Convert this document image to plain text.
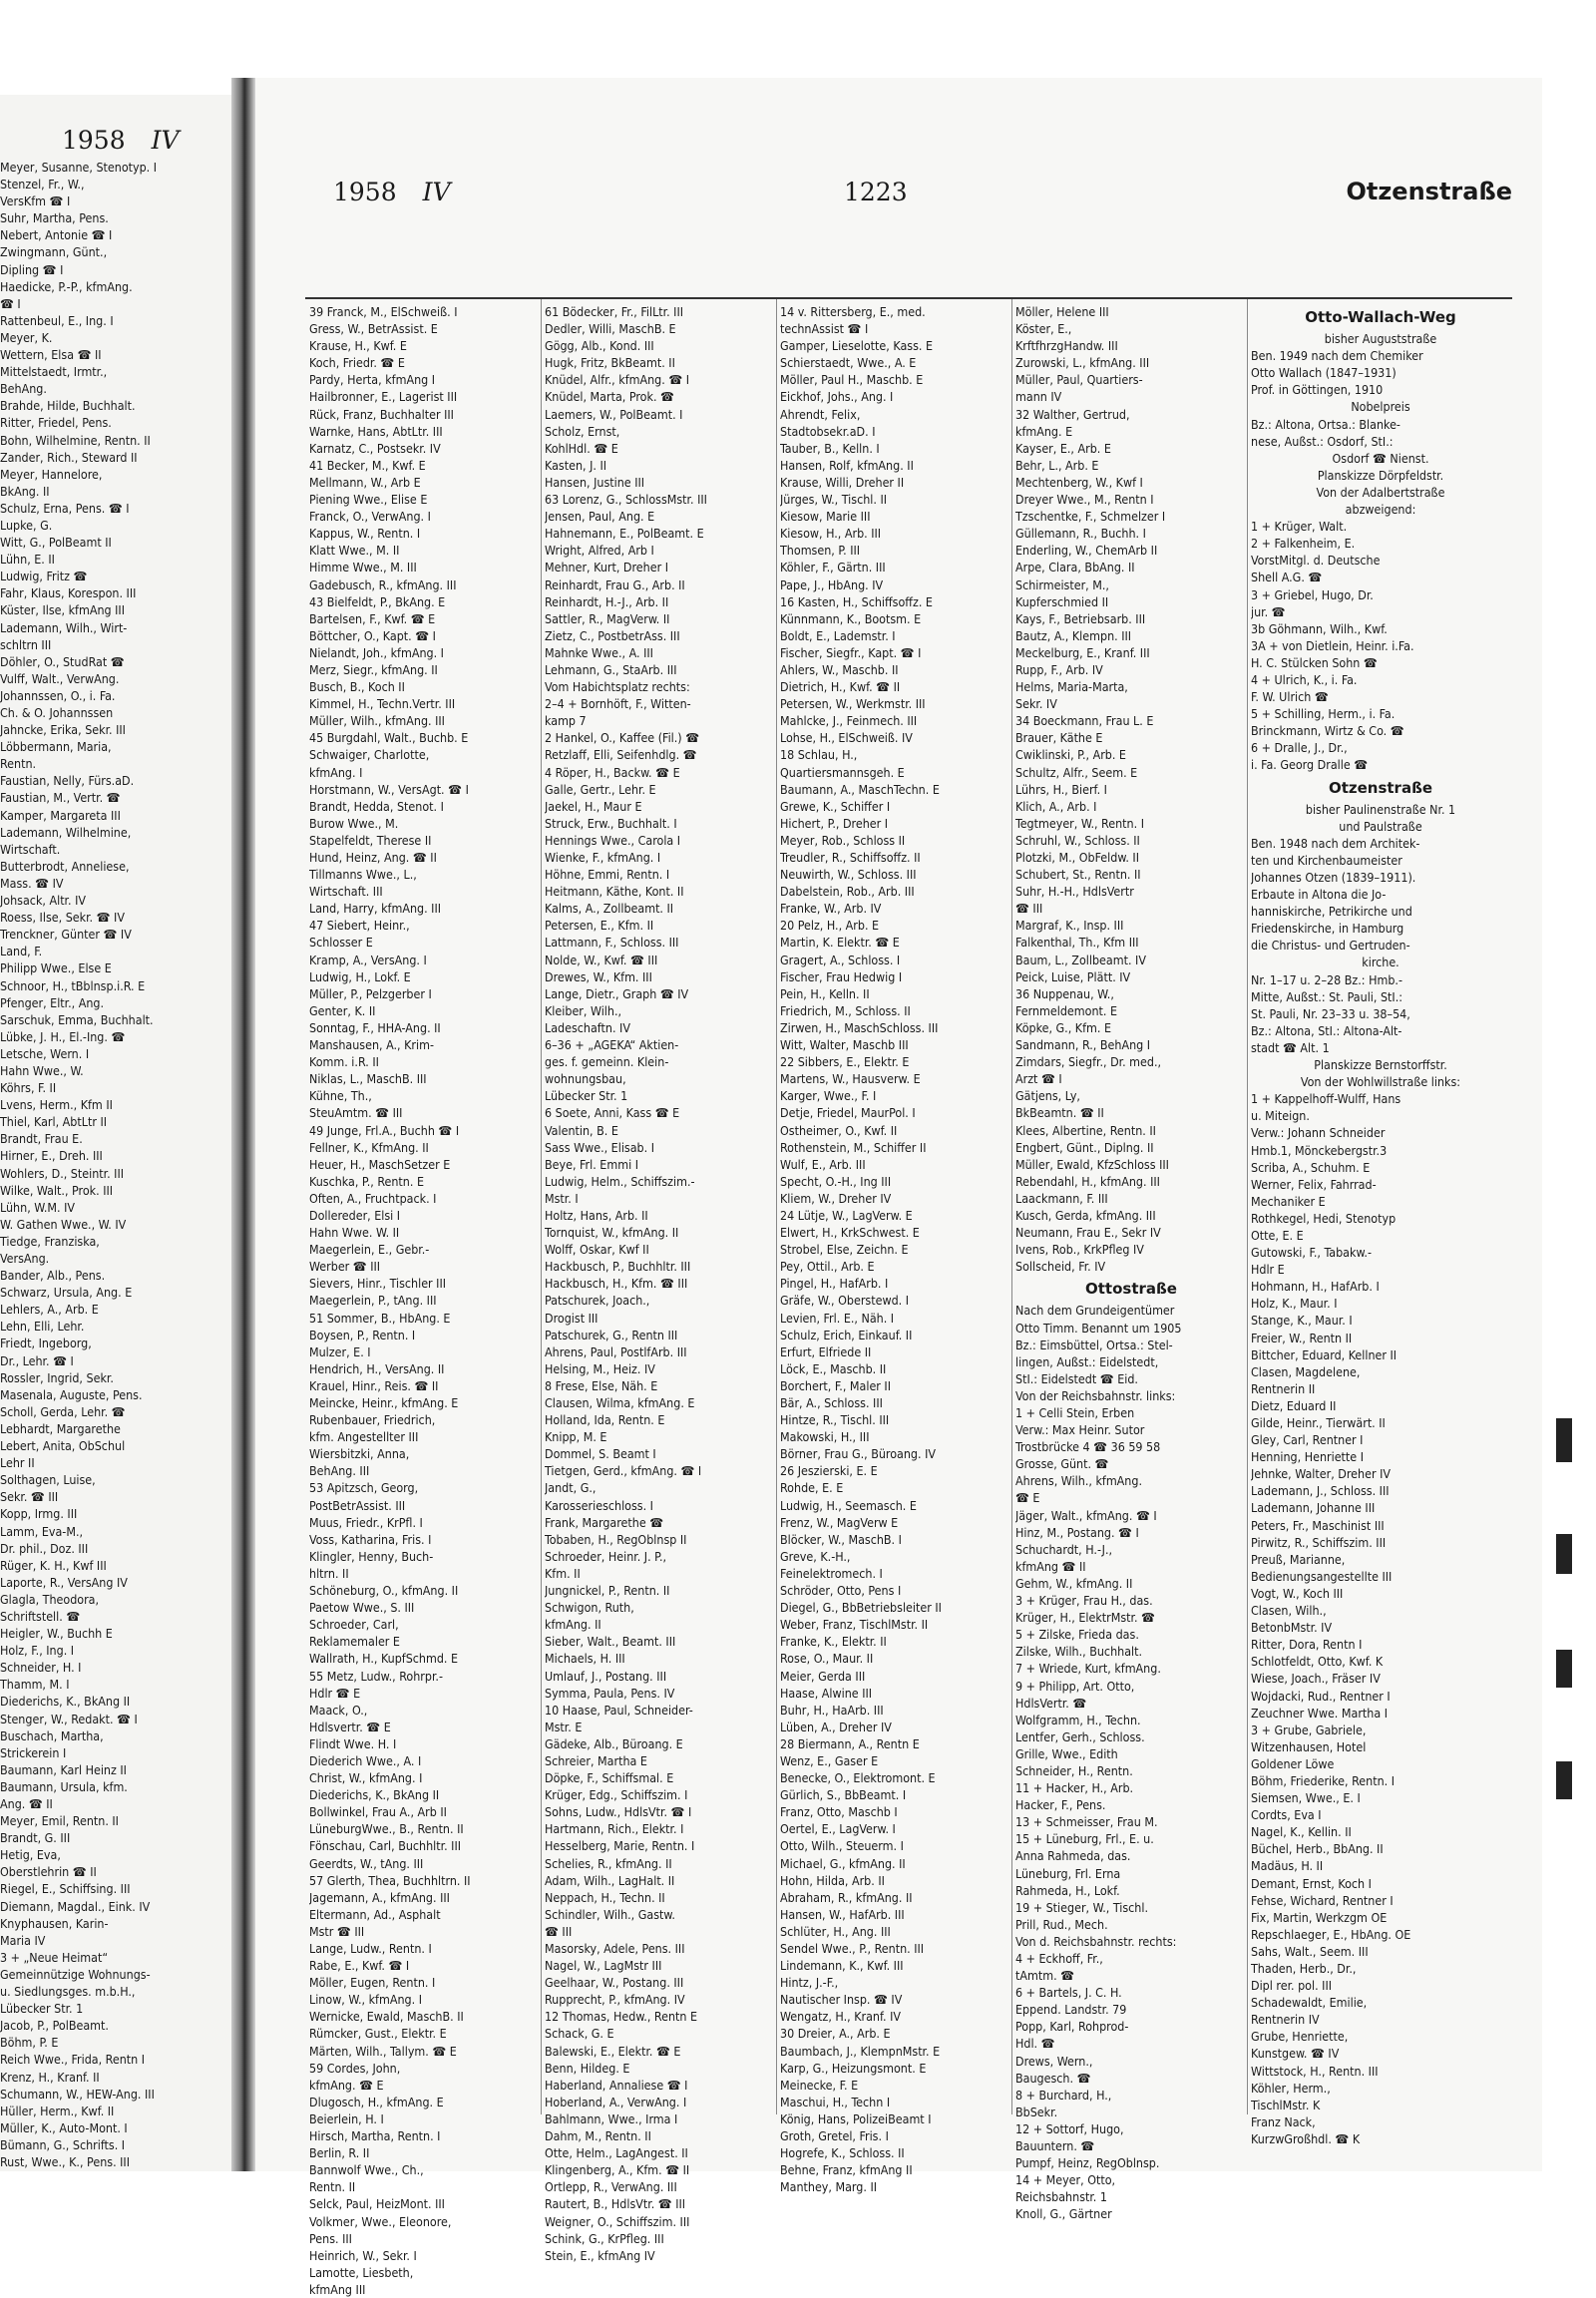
1958 IV
Meyer, Susanne, Stenotyp. I
Stenzel, Fr., W.,
VersKfm ☎ I
Suhr, Martha, Pens.
Nebert, Antonie ☎ I
Zwingmann, Günt.,
Dipling ☎ I
Haedicke, P.-P., kfmAng.
☎ I
Rattenbeul, E., Ing. I
Meyer, K.
Wettern, Elsa ☎ II
Mittelstaedt, Irmtr.,
BehAng.
Brahde, Hilde, Buchhalt.
Ritter, Friedel, Pens.
Bohn, Wilhelmine, Rentn. II
Zander, Rich., Steward II
Meyer, Hannelore,
BkAng. II
Schulz, Erna, Pens. ☎ I
Lupke, G.
Witt, G., PolBeamt II
Lühn, E. II
Ludwig, Fritz ☎
Fahr, Klaus, Korespon. III
Küster, Ilse, kfmAng III
Lademann, Wilh., Wirt-
schltrn III
Döhler, O., StudRat ☎
Vulff, Walt., VerwAng.
Johannssen, O., i. Fa.
Ch. & O. Johannssen
Jahncke, Erika, Sekr. III
Löbbermann, Maria,
Rentn.
Faustian, Nelly, Fürs.aD.
Faustian, M., Vertr. ☎
Kamper, Margareta III
Lademann, Wilhelmine,
Wirtschaft.
Butterbrodt, Anneliese,
Mass. ☎ IV
Johsack, Altr. IV
Roess, Ilse, Sekr. ☎ IV
Trenckner, Günter ☎ IV
Land, F.
Philipp Wwe., Else E
Schnoor, H., tBblnsp.i.R. E
Pfenger, Eltr., Ang.
Sarschuk, Emma, Buchhalt.
Lübke, J. H., El.-Ing. ☎
Letsche, Wern. I
Hahn Wwe., W.
Köhrs, F. II
Lvens, Herm., Kfm II
Thiel, Karl, AbtLtr II
Brandt, Frau E.
Hirner, E., Dreh. III
Wohlers, D., Steintr. III
Wilke, Walt., Prok. III
Lühn, W.M. IV
W. Gathen Wwe., W. IV
Tiedge, Franziska,
VersAng.
Bander, Alb., Pens.
Schwarz, Ursula, Ang. E
Lehlers, A., Arb. E
Lehn, Elli, Lehr.
Friedt, Ingeborg,
Dr., Lehr. ☎ I
Rossler, Ingrid, Sekr.
Masenala, Auguste, Pens.
Scholl, Gerda, Lehr. ☎
Lebhardt, Margarethe
Lebert, Anita, ObSchul
Lehr II
Solthagen, Luise,
Sekr. ☎ III
Kopp, Irmg. III
Lamm, Eva-M.,
Dr. phil., Doz. III
Rüger, K. H., Kwf III
Laporte, R., VersAng IV
Glagla, Theodora,
Schriftstell. ☎
Heigler, W., Buchh E
Holz, F., Ing. I
Schneider, H. I
Thamm, M. I
Diederichs, K., BkAng II
Stenger, W., Redakt. ☎ I
Buschach, Martha,
Strickerein I
Baumann, Karl Heinz II
Baumann, Ursula, kfm.
Ang. ☎ II
Meyer, Emil, Rentn. II
Brandt, G. III
Hetig, Eva,
Oberstlehrin ☎ II
Riegel, E., Schiffsing. III
Diemann, Magdal., Eink. IV
Knyphausen, Karin-
Maria IV
3 + „Neue Heimat“
Gemeinnützige Wohnungs-
u. Siedlungsges. m.b.H.,
Lübecker Str. 1
Jacob, P., PolBeamt.
Böhm, P. E
Reich Wwe., Frida, Rentn I
Krenz, H., Kranf. II
Schumann, W., HEW-Ang. III
Hüller, Herm., Kwf. II
Müller, K., Auto-Mont. I
Bümann, G., Schrifts. I
Rust, Wwe., K., Pens. III
1958 IV	1223	Otzenstraße
39 Franck, M., ElSchweiß. I
Gress, W., BetrAssist. E
Krause, H., Kwf. E
Koch, Friedr. ☎ E
Pardy, Herta, kfmAng I
Hailbronner, E., Lagerist III
Rück, Franz, Buchhalter III
Warnke, Hans, AbtLtr. III
Karnatz, C., Postsekr. IV
41 Becker, M., Kwf. E
Mellmann, W., Arb E
Piening Wwe., Elise E
Franck, O., VerwAng. I
Kappus, W., Rentn. I
Klatt Wwe., M. II
Himme Wwe., M. III
Gadebusch, R., kfmAng. III
43 Bielfeldt, P., BkAng. E
Bartelsen, F., Kwf. ☎ E
Böttcher, O., Kapt. ☎ I
Nielandt, Joh., kfmAng. I
Merz, Siegr., kfmAng. II
Busch, B., Koch II
Kimmel, H., Techn.Vertr. III
Müller, Wilh., kfmAng. III
45 Burgdahl, Walt., Buchb. E
Schwaiger, Charlotte,
kfmAng. I
Horstmann, W., VersAgt. ☎ I
Brandt, Hedda, Stenot. I
Burow Wwe., M.
Stapelfeldt, Therese II
Hund, Heinz, Ang. ☎ II
Tillmanns Wwe., L.,
Wirtschaft. III
Land, Harry, kfmAng. III
47 Siebert, Heinr.,
Schlosser E
Kramp, A., VersAng. I
Ludwig, H., Lokf. E
Müller, P., Pelzgerber I
Genter, K. II
Sonntag, F., HHA-Ang. II
Manshausen, A., Krim-
Komm. i.R. II
Niklas, L., MaschB. III
Kühne, Th.,
SteuAmtm. ☎ III
49 Junge, Frl.A., Buchh ☎ I
Fellner, K., KfmAng. II
Heuer, H., MaschSetzer E
Kuschka, P., Rentn. E
Often, A., Fruchtpack. I
Dollereder, Elsi I
Hahn Wwe. W. II
Maegerlein, E., Gebr.-
Werber ☎ III
Sievers, Hinr., Tischler III
Maegerlein, P., tAng. III
51 Sommer, B., HbAng. E
Boysen, P., Rentn. I
Mulzer, E. I
Hendrich, H., VersAng. II
Krauel, Hinr., Reis. ☎ II
Meincke, Heinr., kfmAng. E
Rubenbauer, Friedrich,
kfm. Angestellter III
Wiersbitzki, Anna,
BehAng. III
53 Apitzsch, Georg,
PostBetrAssist. III
Muus, Friedr., KrPfl. I
Voss, Katharina, Fris. I
Klingler, Henny, Buch-
hltrn. II
Schöneburg, O., kfmAng. II
Paetow Wwe., S. III
Schroeder, Carl,
Reklamemaler E
Wallrath, H., KupfSchmd. E
55 Metz, Ludw., Rohrpr.-
Hdlr ☎ E
Maack, O.,
Hdlsvertr. ☎ E
Flindt Wwe. H. I
Diederich Wwe., A. I
Christ, W., kfmAng. I
Diederichs, K., BkAng II
Bollwinkel, Frau A., Arb II
LüneburgWwe., B., Rentn. II
Fönschau, Carl, Buchhltr. III
Geerdts, W., tAng. III
57 Glerth, Thea, Buchhltrn. II
Jagemann, A., kfmAng. III
Eltermann, Ad., Asphalt
Mstr ☎ III
Lange, Ludw., Rentn. I
Rabe, E., Kwf. ☎ I
Möller, Eugen, Rentn. I
Linow, W., kfmAng. I
Wernicke, Ewald, MaschB. II
Rümcker, Gust., Elektr. E
Märten, Wilh., Tallym. ☎ E
59 Cordes, John,
kfmAng. ☎ E
Dlugosch, H., kfmAng. E
Beierlein, H. I
Hirsch, Martha, Rentn. I
Berlin, R. II
Bannwolf Wwe., Ch.,
Rentn. II
Selck, Paul, HeizMont. III
Volkmer, Wwe., Eleonore,
Pens. III
Heinrich, W., Sekr. I
Lamotte, Liesbeth,
kfmAng III
61 Bödecker, Fr., FilLtr. III
Dedler, Willi, MaschB. E
Gögg, Alb., Kond. III
Hugk, Fritz, BkBeamt. II
Knüdel, Alfr., kfmAng. ☎ I
Knüdel, Marta, Prok. ☎
Laemers, W., PolBeamt. I
Scholz, Ernst,
KohlHdl. ☎ E
Kasten, J. II
Hansen, Justine III
63 Lorenz, G., SchlossMstr. III
Jensen, Paul, Ang. E
Hahnemann, E., PolBeamt. E
Wright, Alfred, Arb I
Mehner, Kurt, Dreher I
Reinhardt, Frau G., Arb. II
Reinhardt, H.-J., Arb. II
Sattler, R., MagVerw. II
Zietz, C., PostbetrAss. III
Mahnke Wwe., A. III
Lehmann, G., StaArb. III
Vom Habichtsplatz rechts:
2–4 + Bornhöft, F., Witten-
kamp 7
2 Hankel, O., Kaffee (Fil.) ☎
Retzlaff, Elli, Seifenhdlg. ☎
4 Röper, H., Backw. ☎ E
Galle, Gertr., Lehr. E
Jaekel, H., Maur E
Struck, Erw., Buchhalt. I
Hennings Wwe., Carola I
Wienke, F., kfmAng. I
Höhne, Emmi, Rentn. I
Heitmann, Käthe, Kont. II
Kalms, A., Zollbeamt. II
Petersen, E., Kfm. II
Lattmann, F., Schloss. III
Nolde, W., Kwf. ☎ III
Drewes, W., Kfm. III
Lange, Dietr., Graph ☎ IV
Kleiber, Wilh.,
Ladeschaftn. IV
6–36 + „AGEKA“ Aktien-
ges. f. gemeinn. Klein-
wohnungsbau,
Lübecker Str. 1
6 Soete, Anni, Kass ☎ E
Valentin, B. E
Sass Wwe., Elisab. I
Beye, Frl. Emmi I
Ludwig, Helm., Schiffszim.-
Mstr. I
Holtz, Hans, Arb. II
Tornquist, W., kfmAng. II
Wolff, Oskar, Kwf II
Hackbusch, P., Buchhltr. III
Hackbusch, H., Kfm. ☎ III
Patschurek, Joach.,
Drogist III
Patschurek, G., Rentn III
Ahrens, Paul, PostlfArb. III
Helsing, M., Heiz. IV
8 Frese, Else, Näh. E
Clausen, Wilma, kfmAng. E
Holland, Ida, Rentn. E
Knipp, M. E
Dommel, S. Beamt I
Tietgen, Gerd., kfmAng. ☎ I
Jandt, G.,
Karosserieschloss. I
Frank, Margarethe ☎
Tobaben, H., RegOblnsp II
Schroeder, Heinr. J. P.,
Kfm. II
Jungnickel, P., Rentn. II
Schwigon, Ruth,
kfmAng. II
Sieber, Walt., Beamt. III
Michaels, H. III
Umlauf, J., Postang. III
Symma, Paula, Pens. IV
10 Haase, Paul, Schneider-
Mstr. E
Gädeke, Alb., Büroang. E
Schreier, Martha E
Döpke, F., Schiffsmal. E
Krüger, Edg., Schiffszim. I
Sohns, Ludw., HdlsVtr. ☎ I
Hartmann, Rich., Elektr. I
Hesselberg, Marie, Rentn. I
Schelies, R., kfmAng. II
Adam, Wilh., LagHalt. II
Neppach, H., Techn. II
Schindler, Wilh., Gastw.
☎ III
Masorsky, Adele, Pens. III
Nagel, W., LagMstr III
Geelhaar, W., Postang. III
Rupprecht, P., kfmAng. IV
12 Thomas, Hedw., Rentn E
Schack, G. E
Balewski, E., Elektr. ☎ E
Benn, Hildeg. E
Haberland, Annaliese ☎ I
Hoberland, A., VerwAng. I
Bahlmann, Wwe., Irma I
Dahm, M., Rentn. II
Otte, Helm., LagAngest. II
Klingenberg, A., Kfm. ☎ II
Ortlepp, R., VerwAng. III
Rautert, B., HdlsVtr. ☎ III
Weigner, O., Schiffszim. III
Schink, G., KrPfleg. III
Stein, E., kfmAng IV
14 v. Rittersberg, E., med.
technAssist ☎ I
Gamper, Lieselotte, Kass. E
Schierstaedt, Wwe., A. E
Möller, Paul H., Maschb. E
Eickhof, Johs., Ang. I
Ahrendt, Felix,
Stadtobsekr.aD. I
Tauber, B., Kelln. I
Hansen, Rolf, kfmAng. II
Krause, Willi, Dreher II
Jürges, W., Tischl. II
Kiesow, Marie III
Kiesow, H., Arb. III
Thomsen, P. III
Köhler, F., Gärtn. III
Pape, J., HbAng. IV
16 Kasten, H., Schiffsoffz. E
Künnmann, K., Bootsm. E
Boldt, E., Lademstr. I
Fischer, Siegfr., Kapt. ☎ I
Ahlers, W., Maschb. II
Dietrich, H., Kwf. ☎ II
Petersen, W., Werkmstr. III
Mahlcke, J., Feinmech. III
Lohse, H., ElSchweiß. IV
18 Schlau, H.,
Quartiersmannsgeh. E
Baumann, A., MaschTechn. E
Grewe, K., Schiffer I
Hichert, P., Dreher I
Meyer, Rob., Schloss II
Treudler, R., Schiffsoffz. II
Neuwirth, W., Schloss. III
Dabelstein, Rob., Arb. III
Franke, W., Arb. IV
20 Pelz, H., Arb. E
Martin, K. Elektr. ☎ E
Gragert, A., Schloss. I
Fischer, Frau Hedwig I
Pein, H., Kelln. II
Friedrich, M., Schloss. II
Zirwen, H., MaschSchloss. III
Witt, Walter, Maschb III
22 Sibbers, E., Elektr. E
Martens, W., Hausverw. E
Karger, Wwe., F. I
Detje, Friedel, MaurPol. I
Ostheimer, O., Kwf. II
Rothenstein, M., Schiffer II
Wulf, E., Arb. III
Specht, O.-H., Ing III
Kliem, W., Dreher IV
24 Lütje, W., LagVerw. E
Elwert, H., KrkSchwest. E
Strobel, Else, Zeichn. E
Pey, Ottil., Arb. E
Pingel, H., HafArb. I
Gräfe, W., Oberstewd. I
Levien, Frl. E., Näh. I
Schulz, Erich, Einkauf. II
Erfurt, Elfriede II
Löck, E., Maschb. II
Borchert, F., Maler II
Bär, A., Schloss. III
Hintze, R., Tischl. III
Makowski, H., III
Börner, Frau G., Büroang. IV
26 Jeszierski, E. E
Rohde, E. E
Ludwig, H., Seemasch. E
Frenz, W., MagVerw E
Blöcker, W., MaschB. I
Greve, K.-H.,
Feinelektromech. I
Schröder, Otto, Pens I
Diegel, G., BbBetriebsleiter II
Weber, Franz, TischlMstr. II
Franke, K., Elektr. II
Rose, O., Maur. II
Meier, Gerda III
Haase, Alwine III
Buhr, H., HaArb. III
Lüben, A., Dreher IV
28 Biermann, A., Rentn E
Wenz, E., Gaser E
Benecke, O., Elektromont. E
Gürlich, S., BbBeamt. I
Franz, Otto, Maschb I
Oertel, E., LagVerw. I
Otto, Wilh., Steuerm. I
Michael, G., kfmAng. II
Hohn, Hilda, Arb. II
Abraham, R., kfmAng. II
Hansen, W., HafArb. III
Schlüter, H., Ang. III
Sendel Wwe., P., Rentn. III
Lindemann, K., Kwf. III
Hintz, J.-F.,
Nautischer Insp. ☎ IV
Wengatz, H., Kranf. IV
30 Dreier, A., Arb. E
Baumbach, J., KlempnMstr. E
Karp, G., Heizungsmont. E
Meinecke, F. E
Maschui, H., Techn I
König, Hans, PolizeiBeamt I
Groth, Gretel, Fris. I
Hogrefe, K., Schloss. II
Behne, Franz, kfmAng II
Manthey, Marg. II
Möller, Helene III
Köster, E.,
KrftfhrzgHandw. III
Zurowski, L., kfmAng. III
Müller, Paul, Quartiers-
mann IV
32 Walther, Gertrud,
kfmAng. E
Kayser, E., Arb. E
Behr, L., Arb. E
Mechtenberg, W., Kwf I
Dreyer Wwe., M., Rentn I
Tzschentke, F., Schmelzer I
Güllemann, R., Buchh. I
Enderling, W., ChemArb II
Arpe, Clara, BbAng. II
Schirmeister, M.,
Kupferschmied II
Kays, F., Betriebsarb. III
Bautz, A., Klempn. III
Meckelburg, E., Kranf. III
Rupp, F., Arb. IV
Helms, Maria-Marta,
Sekr. IV
34 Boeckmann, Frau L. E
Brauer, Käthe E
Cwiklinski, P., Arb. E
Schultz, Alfr., Seem. E
Lührs, H., Bierf. I
Klich, A., Arb. I
Tegtmeyer, W., Rentn. I
Schruhl, W., Schloss. II
Plotzki, M., ObFeldw. II
Schubert, St., Rentn. II
Suhr, H.-H., HdlsVertr
☎ III
Margraf, K., Insp. III
Falkenthal, Th., Kfm III
Baum, L., Zollbeamt. IV
Peick, Luise, Plätt. IV
36 Nuppenau, W.,
Fernmeldemont. E
Köpke, G., Kfm. E
Sandmann, R., BehAng I
Zimdars, Siegfr., Dr. med.,
Arzt ☎ I
Gätjens, Ly,
BkBeamtn. ☎ II
Klees, Albertine, Rentn. II
Engbert, Günt., Diplng. II
Müller, Ewald, KfzSchloss III
Rebendahl, H., kfmAng. III
Laackmann, F. III
Kusch, Gerda, kfmAng. III
Neumann, Frau E., Sekr IV
Ivens, Rob., KrkPfleg IV
Sollscheid, Fr. IV
Ottostraße
Nach dem Grundeigentümer
Otto Timm. Benannt um 1905
Bz.: Eimsbüttel, Ortsa.: Stel-
lingen, Außst.: Eidelstedt,
StI.: Eidelstedt ☎ Eid.
Von der Reichsbahnstr. links:
1 + Celli Stein, Erben
Verw.: Max Heinr. Sutor
Trostbrücke 4 ☎ 36 59 58
Grosse, Günt. ☎
Ahrens, Wilh., kfmAng.
☎ E
Jäger, Walt., kfmAng. ☎ I
Hinz, M., Postang. ☎ I
Schuchardt, H.-J.,
kfmAng ☎ II
Gehm, W., kfmAng. II
3 + Krüger, Frau H., das.
Krüger, H., ElektrMstr. ☎
5 + Zilske, Frieda das.
Zilske, Wilh., Buchhalt.
7 + Wriede, Kurt, kfmAng.
9 + Philipp, Art. Otto,
HdlsVertr. ☎
Wolfgramm, H., Techn.
Lentfer, Gerh., Schloss.
Grille, Wwe., Edith
Schneider, H., Rentn.
11 + Hacker, H., Arb.
Hacker, F., Pens.
13 + Schmeisser, Frau M.
15 + Lüneburg, Frl., E. u.
Anna Rahmeda, das.
Lüneburg, Frl. Erna
Rahmeda, H., Lokf.
19 + Stieger, W., Tischl.
Prill, Rud., Mech.
Von d. Reichsbahnstr. rechts:
4 + Eckhoff, Fr.,
tAmtm. ☎
6 + Bartels, J. C. H.
Eppend. Landstr. 79
Popp, Karl, Rohprod-
Hdl. ☎
Drews, Wern.,
Baugesch. ☎
8 + Burchard, H.,
BbSekr.
12 + Sottorf, Hugo,
Bauuntern. ☎
Pumpf, Heinz, RegOblnsp.
14 + Meyer, Otto,
Reichsbahnstr. 1
Knoll, G., Gärtner
Otto-Wallach-Weg
bisher Auguststraße
Ben. 1949 nach dem Chemiker
Otto Wallach (1847–1931)
Prof. in Göttingen, 1910
Nobelpreis
Bz.: Altona, Ortsa.: Blanke-
nese, Außst.: Osdorf, StI.:
Osdorf ☎ Nienst.
Planskizze Dörpfeldstr.
Von der Adalbertstraße
abzweigend:
1 + Krüger, Walt.
2 + Falkenheim, E.
VorstMitgl. d. Deutsche
Shell A.G. ☎
3 + Griebel, Hugo, Dr.
jur. ☎
3b Göhmann, Wilh., Kwf.
3A + von Dietlein, Heinr. i.Fa.
H. C. Stülcken Sohn ☎
4 + Ulrich, K., i. Fa.
F. W. Ulrich ☎
5 + Schilling, Herm., i. Fa.
Brinckmann, Wirtz & Co. ☎
6 + Dralle, J., Dr.,
i. Fa. Georg Dralle ☎
Otzenstraße
bisher Paulinenstraße Nr. 1
und Paulstraße
Ben. 1948 nach dem Architek-
ten und Kirchenbaumeister
Johannes Otzen (1839–1911).
Erbaute in Altona die Jo-
hanniskirche, Petrikirche und
Friedenskirche, in Hamburg
die Christus- und Gertruden-
kirche.
Nr. 1–17 u. 2–28 Bz.: Hmb.-
Mitte, Außst.: St. Pauli, StI.:
St. Pauli, Nr. 23–33 u. 38–54,
Bz.: Altona, StI.: Altona-Alt-
stadt ☎ Alt. 1
Planskizze Bernstorffstr.
Von der Wohlwillstraße links:
1 + Kappelhoff-Wulff, Hans
u. Miteign.
Verw.: Johann Schneider
Hmb.1, Mönckebergstr.3
Scriba, A., Schuhm. E
Werner, Felix, Fahrrad-
Mechaniker E
Rothkegel, Hedi, Stenotyp
Otte, E. E
Gutowski, F., Tabakw.-
Hdlr E
Hohmann, H., HafArb. I
Holz, K., Maur. I
Stange, K., Maur. I
Freier, W., Rentn II
Bittcher, Eduard, Kellner II
Clasen, Magdelene,
Rentnerin II
Dietz, Eduard II
Gilde, Heinr., Tierwärt. II
Gley, Carl, Rentner I
Henning, Henriette I
Jehnke, Walter, Dreher IV
Lademann, J., Schloss. III
Lademann, Johanne III
Peters, Fr., Maschinist III
Pirwitz, R., Schiffszim. III
Preuß, Marianne,
Bedienungsangestellte III
Vogt, W., Koch III
Clasen, Wilh.,
BetonbMstr. IV
Ritter, Dora, Rentn I
Schlotfeldt, Otto, Kwf. K
Wiese, Joach., Fräser IV
Wojdacki, Rud., Rentner I
Zeuchner Wwe. Martha I
3 + Grube, Gabriele,
Witzenhausen, Hotel
Goldener Löwe
Böhm, Friederike, Rentn. I
Siemsen, Wwe., E. I
Cordts, Eva I
Nagel, K., Kellin. II
Büchel, Herb., BbAng. II
Madäus, H. II
Demant, Ernst, Koch I
Fehse, Wichard, Rentner I
Fix, Martin, Werkzgm OE
Repschlaeger, E., HbAng. OE
Sahs, Walt., Seem. III
Thaden, Herb., Dr.,
Dipl rer. pol. III
Schadewaldt, Emilie,
Rentnerin IV
Grube, Henriette,
Kunstgew. ☎ IV
Wittstock, H., Rentn. III
Köhler, Herm.,
TischlMstr. K
Franz Nack,
KurzwGroßhdl. ☎ K
